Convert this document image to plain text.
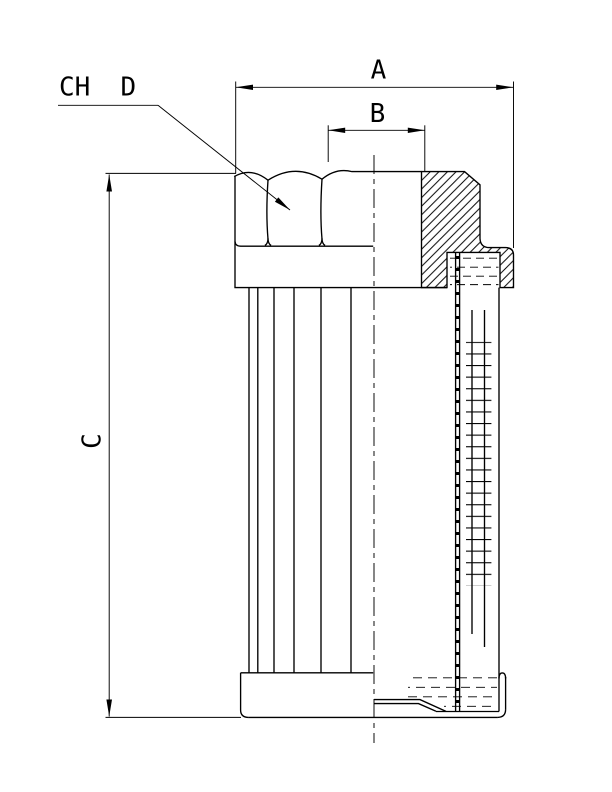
A
B
C
CH D
